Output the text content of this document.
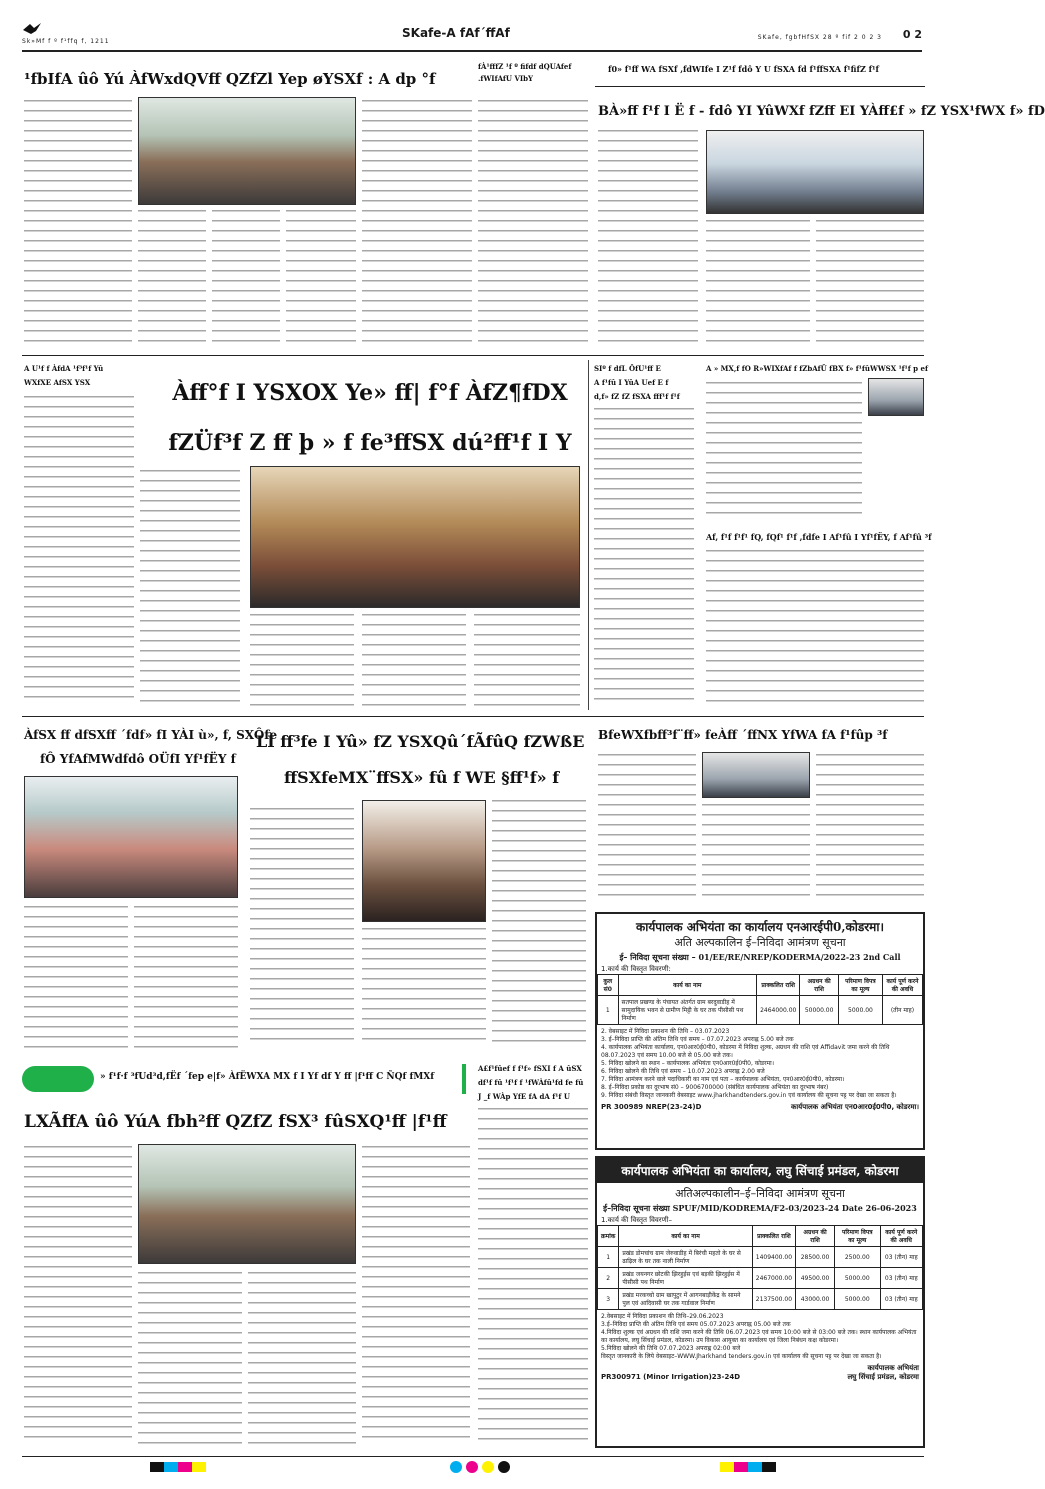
Sk»Mf f º f¹ffq f, 1211
SKafe-A fAf´ffAf	SKafe, fgbfHfSX 28 º fif 2 0 2 3 0 2
¹fbIfA ûô Yú ÀfWxdQVff QZfZl Yep øYSXf : A dp °f
fÀ¹fffZ ¹f º fifdf dQUAfef
.fWIfAfU VIbY
f0» f¹ff WA fSXf ,fdWIfe I Z¹f fdô Y U fSXA fd f¹ffSXA f¹fifZ f¹f
BÀ»ff f¹f I Ë f - fdô YI YûWXf fZff EI YÀff£f » fZ YSX¹fWX f» fD
A U¹f f ÀfdA ¹f³f¹f Yû
WXfXE AfSX YSX	Àff°f I YSXOX Ye» ff| f°f ÀfZ¶fDX
fZÜf³f Z ff þ » f fe³ffSX dú²ff¹f I Y
SIº f dfL ÔfU¹ff E
A f¹fû I YûA Uef E f
d,f» fZ fZ fSXA fff¹f f¹f
A » MX,f fO R»WIXfAf f fZbAfÛ fBX f» f¹fûWWSX ¹f¹f p ef
Af, f¹f f¹f¹ fQ, fQf¹ f¹f ,fdfe I Af¹fû I Yf¹fËY, f Af¹fû ³f
ÀfSX ff dfSXff ´fdf» fI YÀI ù», f, SXÔfe
fÔ YfAfMWdfdô OÜfI Yf¹fËY f
LÌ ff³fe I Yû» fZ YSXQû´fÃfûQ fZWßE
ffSXfeMX¨ffSX» fû f WE §ff¹f» f
BfeWXfbff³f¨ff» feÀff ´ffNX YfWA fA f¹fûp ³f
» f¹f·f ³fUd³d,fËf ´fep e|f» ÀfËWXA MX f I Yf df Y ff |f¹ff C ÑQf fMXf
LXÃffA ûô YúA fbh²ff QZfZ fSX³ fûSXQ¹ff |f¹ff
A£f¹fûef f f¹f» fSXI f A ûSX
df¹f fû ¹f¹f f ¹fWÀfû¹fd fe fû
J _f WÀp YfE fA dA f¹f U
कार्यपालक अभियंता का कार्यालय एनआरईपी0,कोडरमा।
अति अल्पकालिन ई–निविदा आमंत्रण सूचना
ई– निविदा सूचना संख्या – 01/EE/RE/NREP/KODERMA/2022-23 2nd Call
1.कार्य की विस्तृत विवरणी:
कुल सं0	कार्य का नाम	प्राक्कलित राशि	अग्रधन की राशि	परिमाण विपत्र का मूल्य	कार्य पूर्ण करने की अवधि
1	सतपाल प्रखण्ड के पंचायत अंतर्गत ग्राम बरदुवाडीह में सामुदायिक भवन से ग्रामीण मिट्टी के घर तक पीसीसी पथ निर्माण	2464000.00	50000.00	5000.00	(तीन माह)
2. वेबसाइट में निविदा प्रकाशन की तिथि – 03.07.2023
3. ई–निविदा प्राप्ति की अंतिम तिथि एवं समय – 07.07.2023 अपराह्न 5.00 बजे तक
4. कार्यपालक अभियंता कार्यालय, एन0आर0ई0पी0, कोडरमा में निविदा शुल्क, अग्रधन की राशि एवं Affidavit जमा करने की तिथि 08.07.2023 एवं समय 10.00 बजे से 05.00 बजे तक।
5. निविदा खोलने का स्थान – कार्यपालक अभियंता एन0आर0ई0पी0, कोडरमा।
6. निविदा खोलने की तिथि एवं समय – 10.07.2023 अपराह्न 2.00 बजे
7. निविदा आमंत्रण करने वाले पदाधिकारी का नाम एवं पता – कार्यपालक अभियंता, एन0आर0ई0पी0, कोडरमा।
8. ई–निविदा प्रकोष्ठ का दूरभाष सं0 – 9006700000 (संबंधित कार्यपालक अभियंता का दूरभाष नंबर)
9. निविदा संबंधी विस्तृत जानकारी वेबसाइट www.jharkhandtenders.gov.in एवं कार्यालय की सूचना पट्ट पर देखा जा सकता है।
PR 300989 NREP(23-24)D	कार्यपालक अभियंता एन0आर0ई0पी0, कोडरमा।
कार्यपालक अभियंता का कार्यालय, लघु सिंचाई प्रमंडल, कोडरमा
अतिअल्पकालीन–ई–निविदा आमंत्रण सूचना
ई–निविदा सूचना संख्या SPUF/MID/KODREMA/F2-03/2023-24 Date 26-06-2023
1.कार्य की विस्तृत विवरणी–
क्रमांक	कार्य का नाम	प्राक्कलित राशि	अग्रधन की राशि	परिमाण विपत्र का मूल्य	कार्य पूर्ण करने की अवधि
1	प्रखंड डोमचांच ग्राम जेरुवाडीह में बिरंची महतो के घर से ढाढ़िल के घर तक नाली निर्माण	1409400.00	28500.00	2500.00	03 (तीन) माह
2	प्रखंड जयनगर छोटकी झिरहुईस एवं बड़की झिरहुईस में पीसीसी पथ निर्माण	2467000.00	49500.00	5000.00	03 (तीन) माह
3	प्रखंड मरकच्चो ग्राम खापुटुर में आगनबाड़ीकेंद्र के सामने पुल एवं आदिवासी घर तक गार्डवाल निर्माण	2137500.00	43000.00	5000.00	03 (तीन) माह
2.वेबसाइट में निविदा प्रकाशन की तिथि–29.06.2023
3.ई–निविदा प्राप्ति की अंतिम तिथि एवं समय 05.07.2023 अपराह्न 05.00 बजे तक
4.निविदा शुल्क एवं अग्रधन की राशि जमा करने की तिथि 06.07.2023 एवं समय 10:00 बजे से 03:00 बजे तक। स्थान कार्यपालक अभियंता का कार्यालय, लघु सिंचाई प्रमंडल, कोडरमा। उप विकास आयुक्त का कार्यालय एवं जिला निबंधन कक्ष कोडरमा।
5.निविदा खोलने की तिथि 07.07.2023 अपराह्न 02:00 बजे
विस्तृत जानकारी के लिये वेबसाइट–WWW.Jharkhand tenders.gov.in एवं कार्यालय की सूचना पट्ट पर देखा जा सकता है।
कार्यपालक अभियंता
PR300971 (Minor Irrigation)23-24D	लघु सिंचाई प्रमंडल, कोडरमा
